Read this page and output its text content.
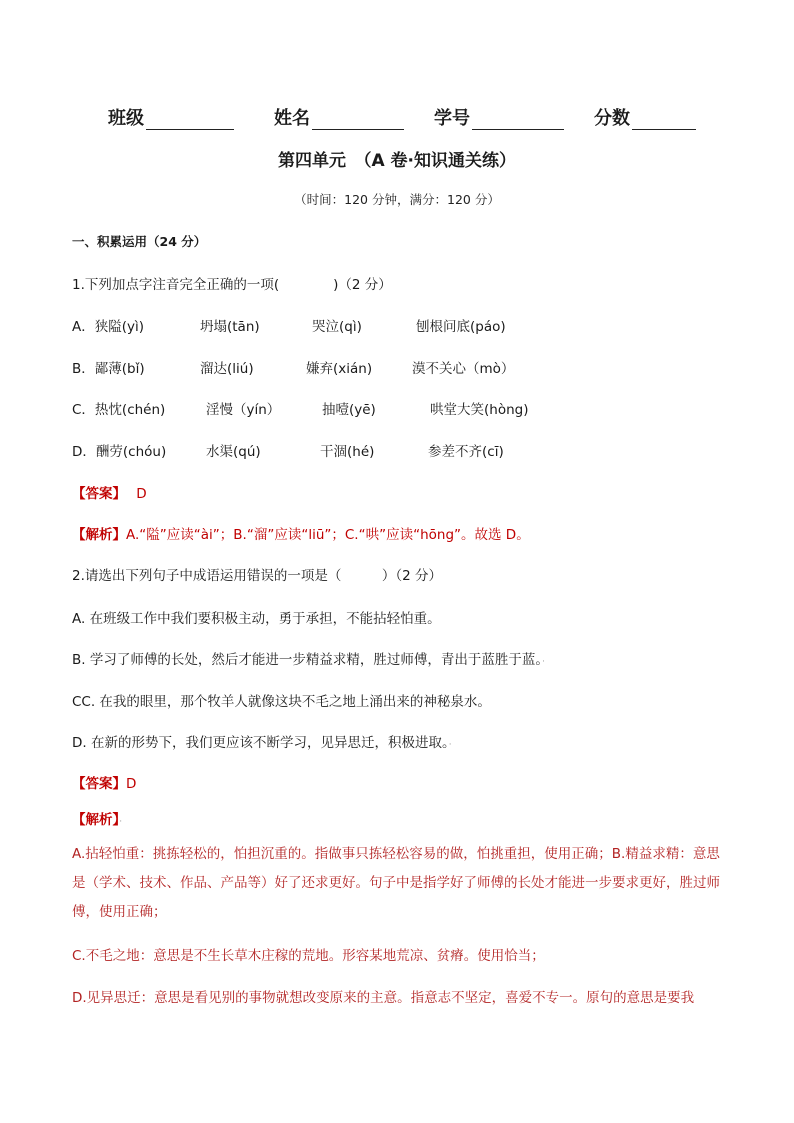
班级	姓名	学号	分数
第四单元　（A 卷·知识通关练）
（时间：120 分钟，满分：120 分）
一、积累运用（24 分）
1.下列加点字注音完全正确的一项(　　　　)（2 分）
A．狭隘(yì)	坍塌(tān)	哭泣(qì)	刨根问底(páo)
B．鄙薄(bǐ)	溜达(liú)	嫌弃(xián)	漠不关心（mò）
C．热忱(chén)	淫慢（yín）	抽噎(yē)	哄堂大笑(hòng)
D．酬劳(chóu)	水渠(qú)	干涸(hé)	参差不齐(cī)
【答案】 D
【解析】A.“隘”应读“ài”；B.“溜”应读“liū”；C.“哄”应读“hōng”。故选 D。
2.请选出下列句子中成语运用错误的一项是（　　　）（2 分）
A. 在班级工作中我们要积极主动，勇于承担，不能拈轻怕重。
B. 学习了师傅的长处，然后才能进一步精益求精，胜过师傅，青出于蓝胜于蓝。·
CC. 在我的眼里，那个牧羊人就像这块不毛之地上涌出来的神秘泉水。
D. 在新的形势下，我们更应该不断学习，见异思迁，积极进取。·
【答案】D
【解析】·
A.拈轻怕重：挑拣轻松的，怕担沉重的。指做事只拣轻松容易的做，怕挑重担，使用正确；B.精益求精：意思是（学术、技术、作品、产品等）好了还求更好。句子中是指学好了师傅的长处才能进一步要求更好，胜过师傅，使用正确；
C.不毛之地：意思是不生长草木庄稼的荒地。形容某地荒凉、贫瘠。使用恰当；
D.见异思迁：意思是看见别的事物就想改变原来的主意。指意志不坚定，喜爱不专一。原句的意思是要我
